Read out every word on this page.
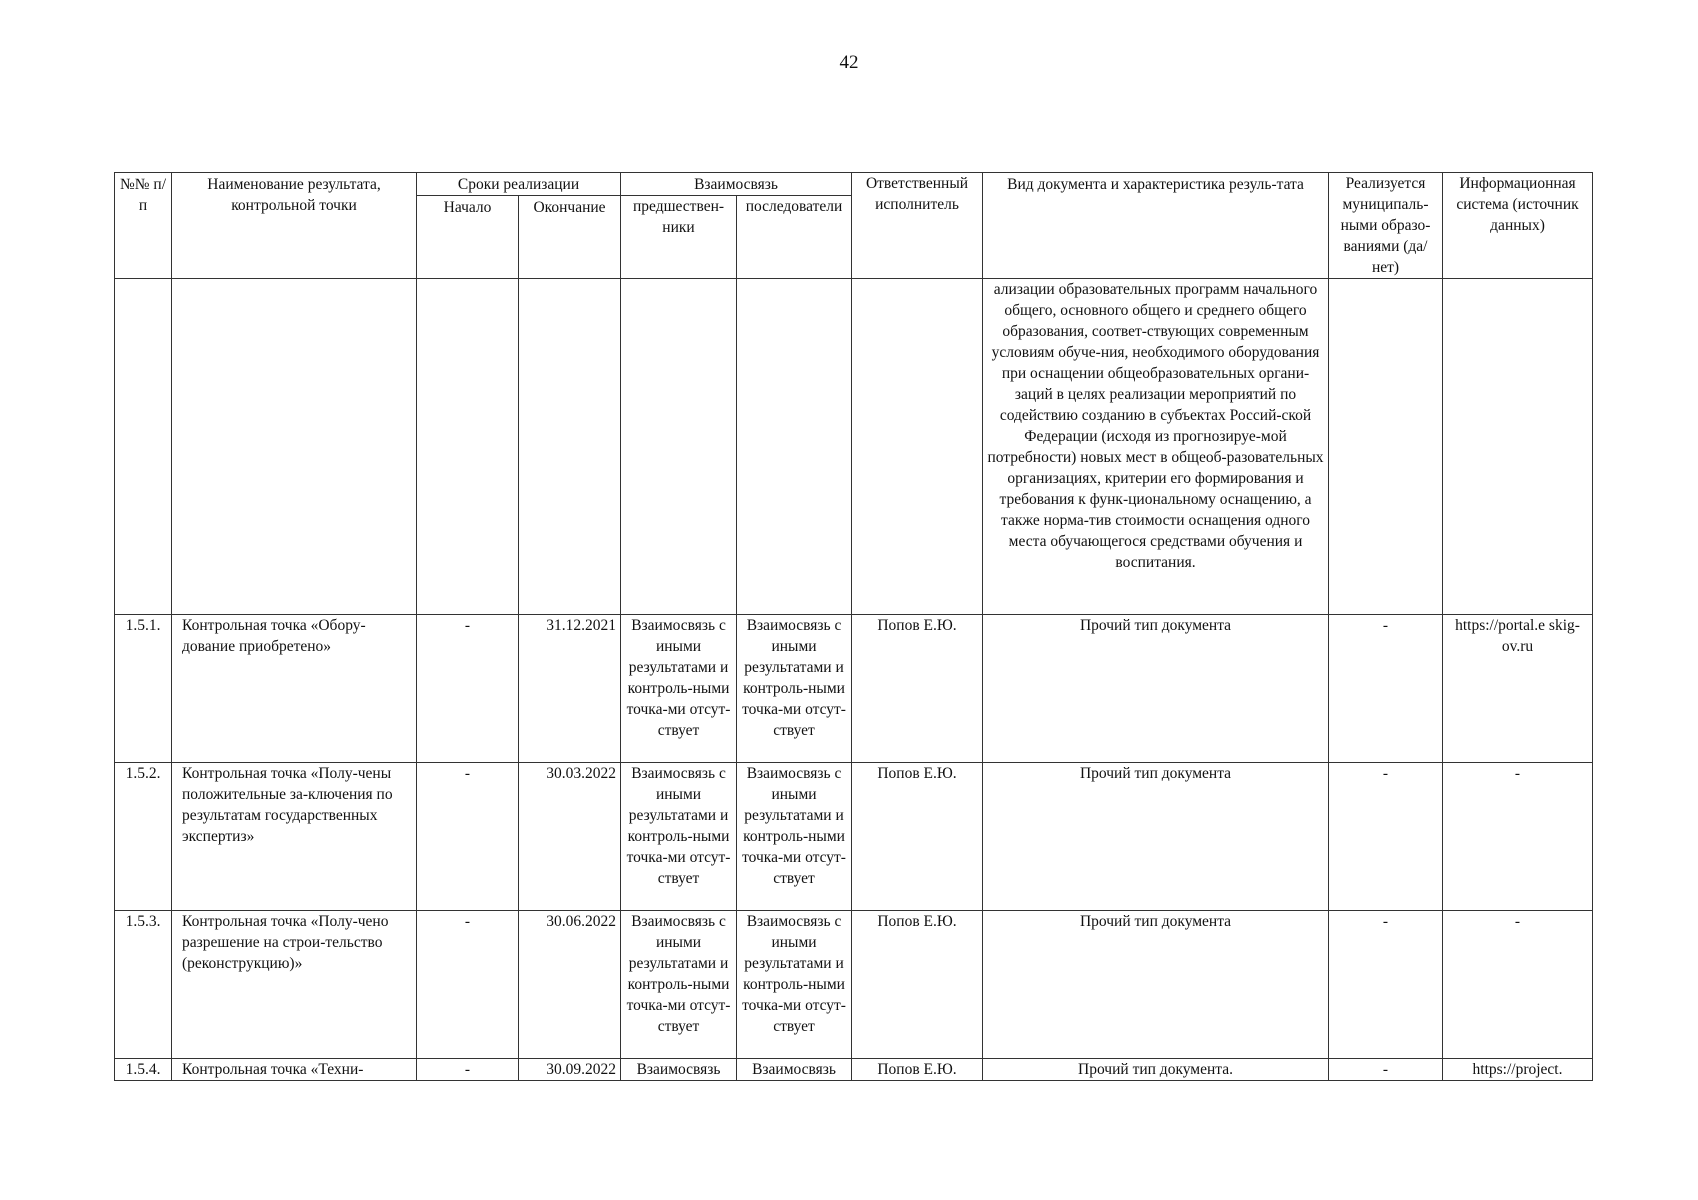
42
№№ п/п	Наименование результата, контрольной точки	Сроки реализации		Взаимосвязь		Ответственный исполнитель	Вид документа и характеристика резуль-тата	Реализуется муниципаль-ными образо-ваниями (да/нет)	Информационная система (источник данных)
		Начало	Окончание	предшествен-ники	последователи				
							ализации образовательных программ начального общего, основного общего и среднего общего образования, соответ-ствующих современным условиям обуче-ния, необходимого оборудования при оснащении общеобразовательных органи-заций в целях реализации мероприятий по содействию созданию в субъектах Россий-ской Федерации (исходя из прогнозируе-мой потребности) новых мест в общеоб-разовательных организациях, критерии его формирования и требования к функ-циональному оснащению, а также норма-тив стоимости оснащения одного места обучающегося средствами обучения и воспитания.		
1.5.1.	Контрольная точка «Обору-дование приобретено»	-	31.12.2021	Взаимосвязь с иными результатами и контроль-ными точка-ми отсут-ствует	Взаимосвязь с иными результатами и контроль-ными точка-ми отсут-ствует	Попов Е.Ю.	Прочий тип документа	-	https://portal.e skig-ov.ru
1.5.2.	Контрольная точка «Полу-чены положительные за-ключения по результатам государственных экспертиз»	-	30.03.2022	Взаимосвязь с иными результатами и контроль-ными точка-ми отсут-ствует	Взаимосвязь с иными результатами и контроль-ными точка-ми отсут-ствует	Попов Е.Ю.	Прочий тип документа	-	-
1.5.3.	Контрольная точка «Полу-чено разрешение на строи-тельство (реконструкцию)»	-	30.06.2022	Взаимосвязь с иными результатами и контроль-ными точка-ми отсут-ствует	Взаимосвязь с иными результатами и контроль-ными точка-ми отсут-ствует	Попов Е.Ю.	Прочий тип документа	-	-
1.5.4.	Контрольная точка «Техни-	-	30.09.2022	Взаимосвязь	Взаимосвязь	Попов Е.Ю.	Прочий тип документа.	-	https://project.
